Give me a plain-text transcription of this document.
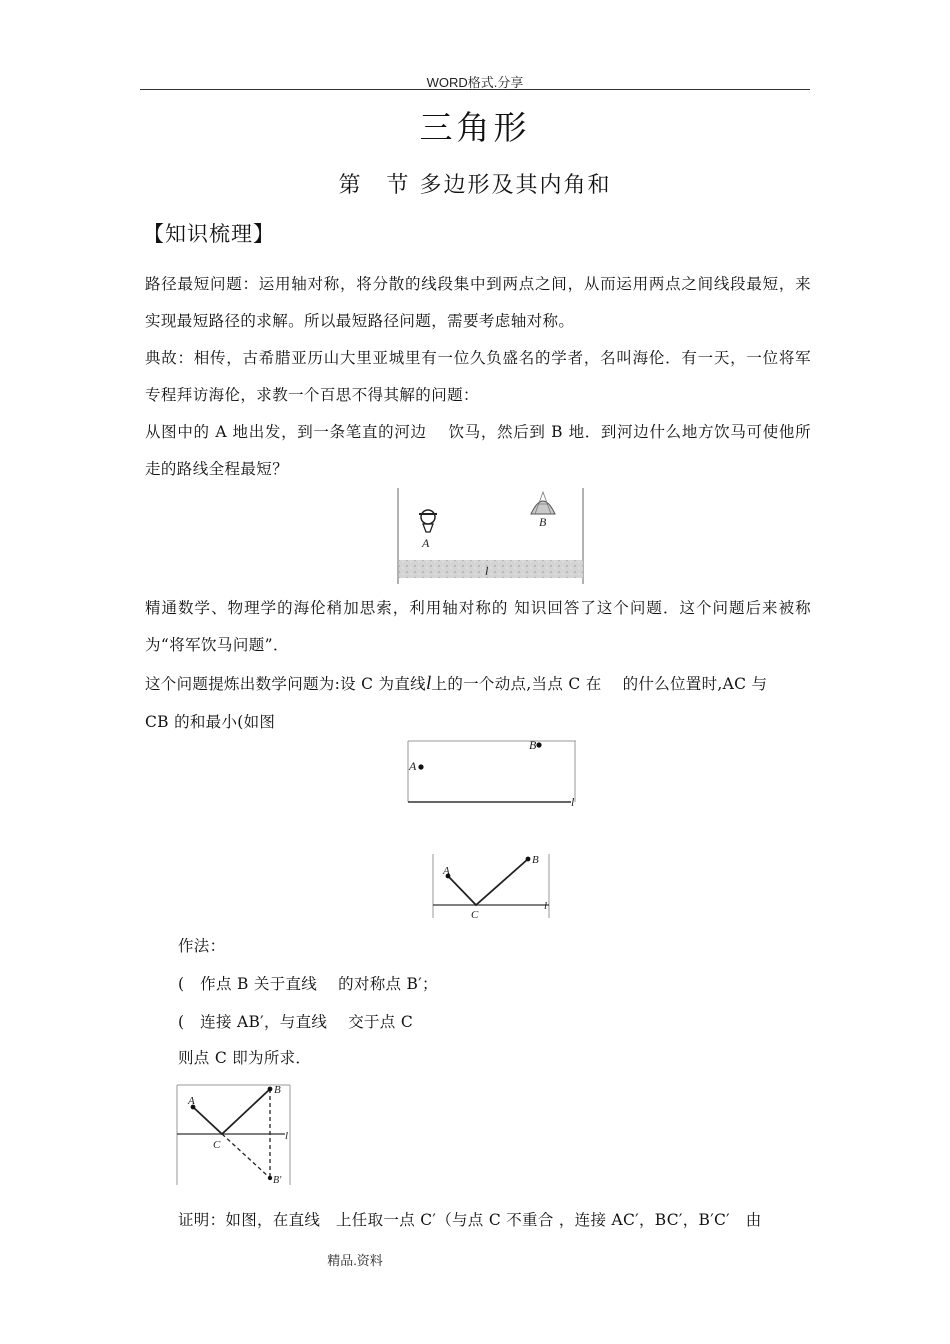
WORD格式.分享
三角形
第　节 多边形及其内角和
【知识梳理】
路径最短问题：运用轴对称，将分散的线段集中到两点之间，从而运用两点之间线段最短，来实现最短路径的求解。所以最短路径问题，需要考虑轴对称。
典故：相传，古希腊亚历山大里亚城里有一位久负盛名的学者，名叫海伦．有一天，一位将军专程拜访海伦，求教一个百思不得其解的问题：
从图中的 A 地出发，到一条笔直的河边　 饮马，然后到 B 地．到河边什么地方饮马可使他所走的路线全程最短？
A
B
l
精通数学、物理学的海伦稍加思索，利用轴对称的 知识回答了这个问题．这个问题后来被称为“将军饮马问题”．
这个问题提炼出数学问题为:设 C 为直线l上的一个动点,当点 C 在　 的什么位置时,AC 与
CB 的和最小(如图
A
B
l
A
B
C
l
作法：
(　作点 B 关于直线　 的对称点 B′；
(　连接 AB′，与直线　 交于点 C
则点 C 即为所求．
A
B
C
B′
l
证明：如图，在直线　上任取一点 C′（与点 C 不重合 ，连接 AC′，BC′，B′C′　由
精品.资料
